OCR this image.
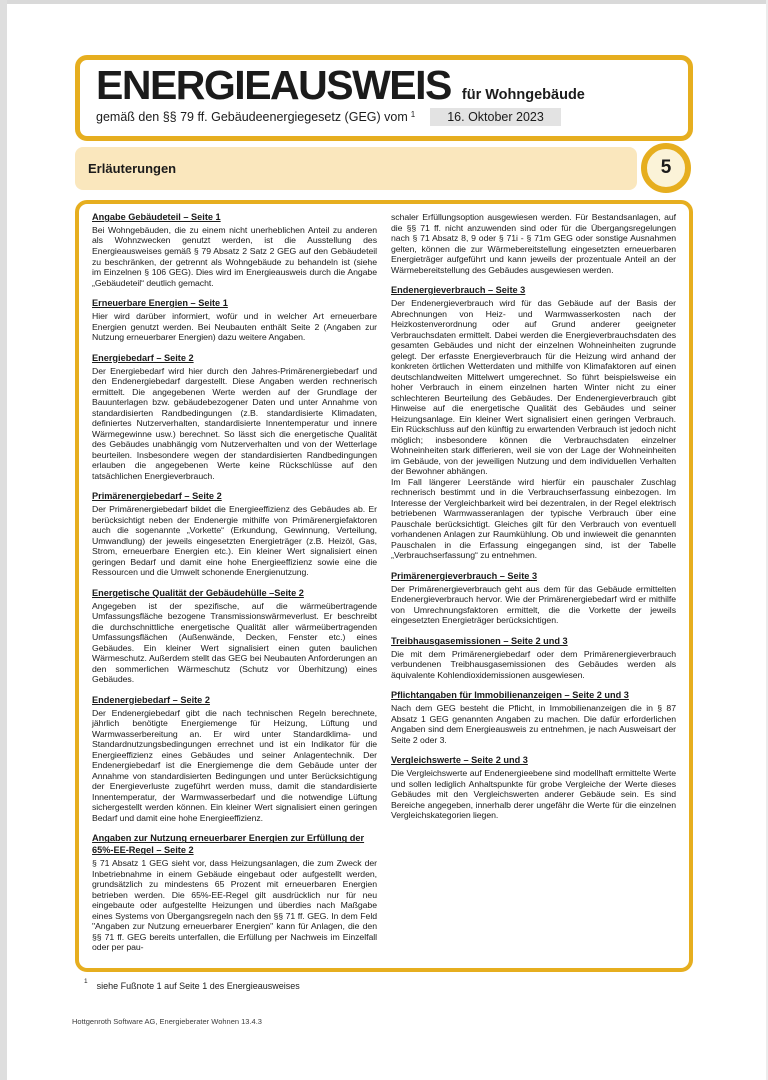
ENERGIEAUSWEIS für Wohngebäude
gemäß den §§ 79 ff. Gebäudeenergiegesetz (GEG) vom $^1$	16. Oktober 2023
Erläuterungen	5
Angabe Gebäudeteil – Seite 1

Bei Wohngebäuden, die zu einem nicht unerheblichen Anteil zu anderen als Wohnzwecken genutzt werden, ist die Ausstellung des Energieausweises gemäß § 79 Absatz 2 Satz 2 GEG auf den Gebäudeteil zu beschränken, der getrennt als Wohngebäude zu behandeln ist (siehe im Einzelnen § 106 GEG). Dies wird im Energieausweis durch die Angabe „Gebäudeteil“ deutlich gemacht.

Erneuerbare Energien – Seite 1

Hier wird darüber informiert, wofür und in welcher Art erneuerbare Energien genutzt werden. Bei Neubauten enthält Seite 2 (Angaben zur Nutzung erneuerbarer Energien) dazu weitere Angaben.

Energiebedarf – Seite 2

Der Energiebedarf wird hier durch den Jahres-Primärenergiebedarf und den Endenergiebedarf dargestellt. Diese Angaben werden rechnerisch ermittelt. Die angegebenen Werte werden auf der Grundlage der Bauunterlagen bzw. gebäudebezogener Daten und unter Annahme von standardisierten Randbedingungen (z.B. standardisierte Klimadaten, definiertes Nutzerverhalten, standardisierte Innentemperatur und innere Wärmegewinne usw.) berechnet. So lässt sich die energetische Qualität des Gebäudes unabhängig vom Nutzerverhalten und von der Wetterlage beurteilen. Insbesondere wegen der standardisierten Randbedingungen erlauben die angegebenen Werte keine Rückschlüsse auf den tatsächlichen Energieverbrauch.

Primärenergiebedarf – Seite 2

Der Primärenergiebedarf bildet die Energieeffizienz des Gebäudes ab. Er berücksichtigt neben der Endenergie mithilfe von Primärenergiefaktoren auch die sogenannte „Vorkette“ (Erkundung, Gewinnung, Verteilung, Umwandlung) der jeweils eingesetzten Energieträger (z.B. Heizöl, Gas, Strom, erneuerbare Energien etc.). Ein kleiner Wert signalisiert einen geringen Bedarf und damit eine hohe Energieeffizienz sowie eine die Ressourcen und die Umwelt schonende Energienutzung.

Energetische Qualität der Gebäudehülle –Seite 2

Angegeben ist der spezifische, auf die wärmeübertragende Umfassungsfläche bezogene Transmissionswärmeverlust. Er beschreibt die durchschnittliche energetische Qualität aller wärmeübertragenden Umfassungsflächen (Außenwände, Decken, Fenster etc.) eines Gebäudes. Ein kleiner Wert signalisiert einen guten baulichen Wärmeschutz. Außerdem stellt das GEG bei Neubauten Anforderungen an den sommerlichen Wärmeschutz (Schutz vor Überhitzung) eines Gebäudes.

Endenergiebedarf – Seite 2

Der Endenergiebedarf gibt die nach technischen Regeln berechnete, jährlich benötigte Energiemenge für Heizung, Lüftung und Warmwasserbereitung an. Er wird unter Standardklima- und Standardnutzungsbedingungen errechnet und ist ein Indikator für die Energieeffizienz eines Gebäudes und seiner Anlagentechnik. Der Endenergiebedarf ist die Energiemenge die dem Gebäude unter der Annahme von standardisierten Bedingungen und unter Berücksichtigung der Energieverluste zugeführt werden muss, damit die standardisierte Innentemperatur, der Warmwasserbedarf und die notwendige Lüftung sichergestellt werden können. Ein kleiner Wert signalisiert einen geringen Bedarf und damit eine hohe Energieeffizienz.

Angaben zur Nutzung erneuerbarer Energien zur Erfüllung der 65%-EE-Regel – Seite 2

§ 71 Absatz 1 GEG sieht vor, dass Heizungsanlagen, die zum Zweck der Inbetriebnahme in einem Gebäude eingebaut oder aufgestellt werden, grundsätzlich zu mindestens 65 Prozent mit erneuerbaren Energien betrieben werden. Die 65%-EE-Regel gilt ausdrücklich nur für neu eingebaute oder aufgestellte Heizungen und überdies nach Maßgabe eines Systems von Übergangsregeln nach den §§ 71 ff. GEG. In dem Feld "Angaben zur Nutzung erneuerbarer Energien" kann für Anlagen, die den §§ 71 ff. GEG bereits unterfallen, die Erfüllung per Nachweis im Einzelfall oder per pau-

schaler Erfüllungsoption ausgewiesen werden. Für Bestandsanlagen, auf die §§ 71 ff. nicht anzuwenden sind oder für die Übergangsregelungen nach § 71 Absatz 8, 9 oder § 71i - § 71m GEG oder sonstige Ausnahmen gelten, können die zur Wärmebereitstellung eingesetzten erneuerbaren Energieträger aufgeführt und kann jeweils der prozentuale Anteil an der Wärmebereitstellung des Gebäudes ausgewiesen werden.

Endenergieverbrauch – Seite 3

Der Endenergieverbrauch wird für das Gebäude auf der Basis der Abrechnungen von Heiz- und Warmwasserkosten nach der Heizkostenverordnung oder auf Grund anderer geeigneter Verbrauchsdaten ermittelt. Dabei werden die Energieverbrauchsdaten des gesamten Gebäudes und nicht der einzelnen Wohneinheiten zugrunde gelegt. Der erfasste Energieverbrauch für die Heizung wird anhand der konkreten örtlichen Wetterdaten und mithilfe von Klimafaktoren auf einen deutschlandweiten Mittelwert umgerechnet. So führt beispielsweise ein hoher Verbrauch in einem einzelnen harten Winter nicht zu einer schlechteren Beurteilung des Gebäudes. Der Endenergieverbrauch gibt Hinweise auf die energetische Qualität des Gebäudes und seiner Heizungsanlage. Ein kleiner Wert signalisiert einen geringen Verbrauch. Ein Rückschluss auf den künftig zu erwartenden Verbrauch ist jedoch nicht möglich; insbesondere können die Verbrauchsdaten einzelner Wohneinheiten stark differieren, weil sie von der Lage der Wohneinheiten im Gebäude, von der jeweiligen Nutzung und dem individuellen Verhalten der Bewohner abhängen.

Im Fall längerer Leerstände wird hierfür ein pauschaler Zuschlag rechnerisch bestimmt und in die Verbrauchserfassung einbezogen. Im Interesse der Vergleichbarkeit wird bei dezentralen, in der Regel elektrisch betriebenen Warmwasseranlagen der typische Verbrauch über eine Pauschale berücksichtigt. Gleiches gilt für den Verbrauch von eventuell vorhandenen Anlagen zur Raumkühlung. Ob und inwieweit die genannten Pauschalen in die Erfassung eingegangen sind, ist der Tabelle „Verbrauchserfassung“ zu entnehmen.

Primärenergieverbrauch – Seite 3

Der Primärenergieverbrauch geht aus dem für das Gebäude ermittelten Endenergieverbrauch hervor. Wie der Primärenergiebedarf wird er mithilfe von Umrechnungsfaktoren ermittelt, die die Vorkette der jeweils eingesetzten Energieträger berücksichtigen.

Treibhausgasemissionen – Seite 2 und 3

Die mit dem Primärenergiebedarf oder dem Primärenergieverbrauch verbundenen Treibhausgasemissionen des Gebäudes werden als äquivalente Kohlendioxidemissionen ausgewiesen.

Pflichtangaben für Immobilienanzeigen – Seite 2 und 3

Nach dem GEG besteht die Pflicht, in Immobilienanzeigen die in § 87 Absatz 1 GEG genannten Angaben zu machen. Die dafür erforderlichen Angaben sind dem Energieausweis zu entnehmen, je nach Ausweisart der Seite 2 oder 3.

Vergleichswerte – Seite 2 und 3

Die Vergleichswerte auf Endenergieebene sind modellhaft ermittelte Werte und sollen lediglich Anhaltspunkte für grobe Vergleiche der Werte dieses Gebäudes mit den Vergleichswerten anderer Gebäude sein. Es sind Bereiche angegeben, innerhalb derer ungefähr die Werte für die einzelnen Vergleichskategorien liegen.

$^1$ siehe Fußnote 1 auf Seite 1 des Energieausweises
Hottgenroth Software AG, Energieberater Wohnen 13.4.3
